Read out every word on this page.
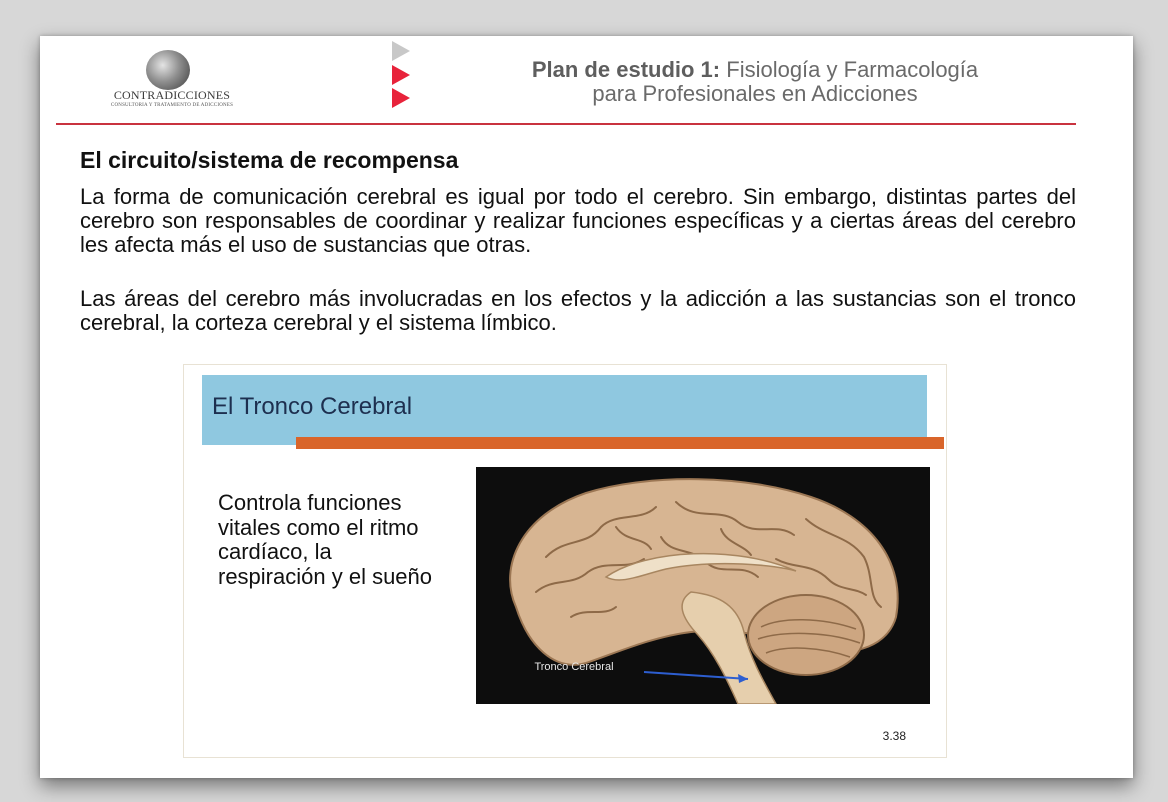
CONTRADICCIONES
CONSULTORIA Y TRATAMIENTO DE ADICCIONES
Plan de estudio 1: Fisiología y Farmacología
para Profesionales en Adicciones
El circuito/sistema de recompensa

La forma de comunicación cerebral es igual por todo el cerebro. Sin embargo, distintas partes del cerebro son responsables de coordinar y realizar funciones específicas y a ciertas áreas del cerebro les afecta más el uso de sustancias que otras.

Las áreas del cerebro más involucradas en los efectos y la adicción a las sustancias son el tronco cerebral, la corteza cerebral y el sistema límbico.

El Tronco Cerebral
Controla funciones vitales como el ritmo cardíaco, la respiración y el sueño
Tronco Cerebral
3.38
